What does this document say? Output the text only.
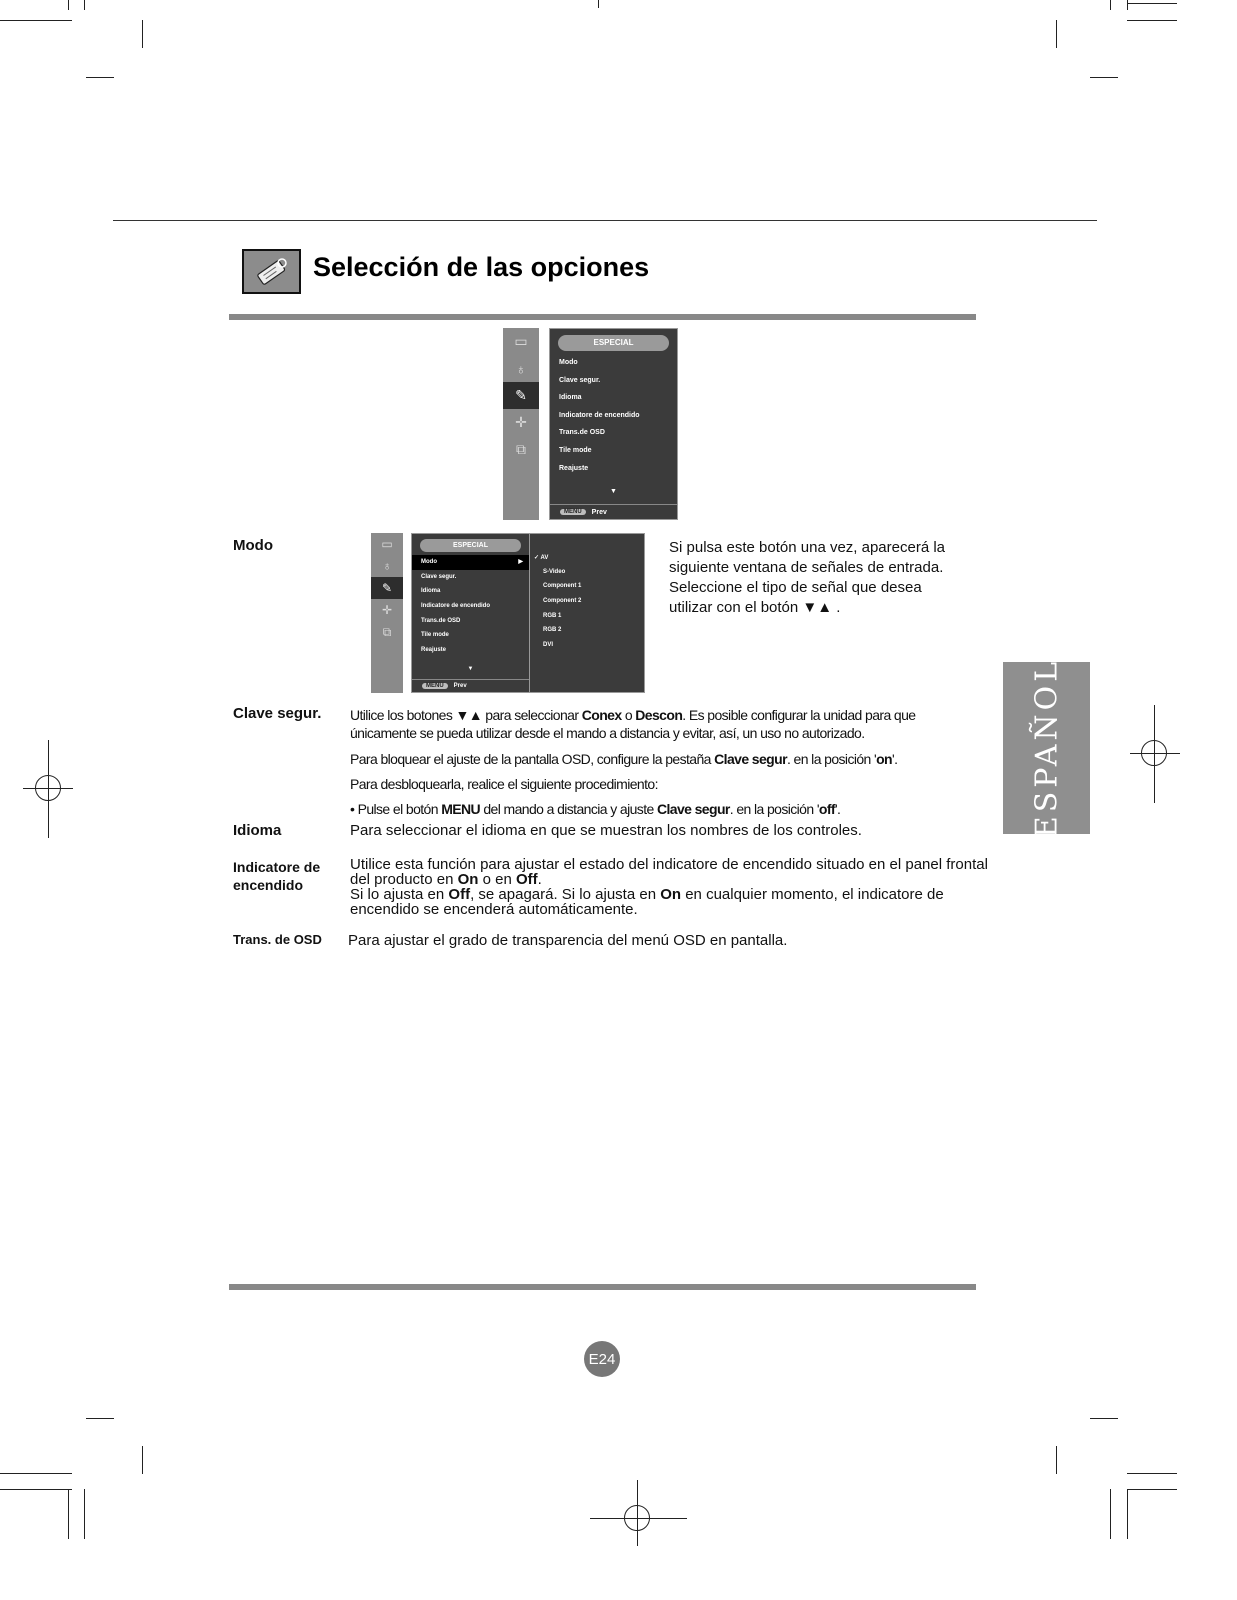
Selección de las opciones
▭
♁
✎
✛
⧉
ESPECIAL
Modo
Clave segur.
Idioma
Indicatore de encendido
Trans.de OSD
Tile mode
Reajuste
▼
MENU	Prev
Modo	▭
♁
✎
✛
⧉
ESPECIAL
Modo	▶
Clave segur.
Idioma
Indicatore de encendido
Trans.de OSD
Tile mode
Reajuste
▼
MENU	Prev
✓ AV
S-Video
Component 1
Component 2
RGB 1
RGB 2
DVI
Si pulsa este botón una vez, aparecerá la siguiente ventana de señales de entrada. Seleccione el tipo de señal que desea utilizar con el botón ▼▲ .
Clave segur. Utilice los botones ▼▲ para seleccionar Conex o Descon. Es posible configurar la unidad para que únicamente se pueda utilizar desde el mando a distancia y evitar, así, un uso no autorizado.
Para bloquear el ajuste de la pantalla OSD, configure la pestaña Clave segur. en la posición 'on'.
Para desbloquearla, realice el siguiente procedimiento:
• Pulse el botón MENU del mando a distancia y ajuste Clave segur. en la posición 'off'.
Idioma	Para seleccionar el idioma en que se muestran los nombres de los controles.
Indicatore de
encendido
Utilice esta función para ajustar el estado del indicatore de encendido situado en el panel frontal
del producto en On o en Off.
Si lo ajusta en Off, se apagará. Si lo ajusta en On en cualquier momento, el indicatore de
encendido se encenderá automáticamente.
Trans. de OSD Para ajustar el grado de transparencia del menú OSD en pantalla.
ESPAÑOL
E24
